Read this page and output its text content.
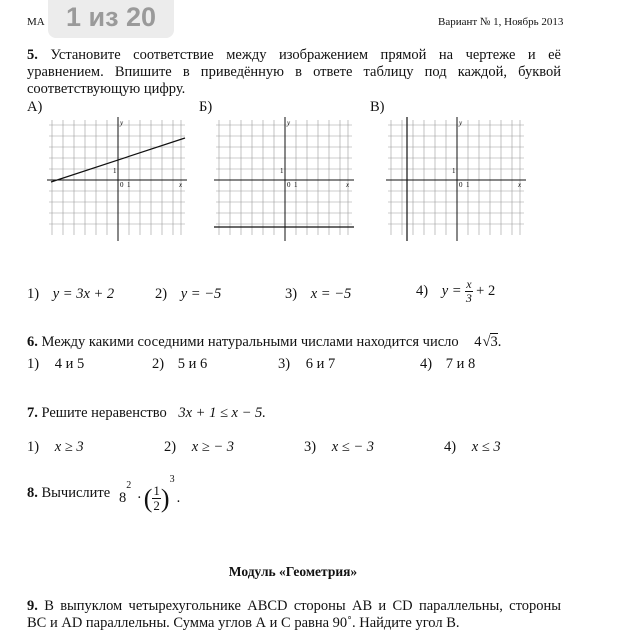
МА 1 из 20	Вариант № 1, Ноябрь 2013
5. Установите соответствие между изображением прямой на чертеже и её
уравнением. Впишите в приведённую в ответе таблицу под каждой, буквой
соответствующую цифру.
А)	Б)	В)
y
x
0
1
1
y
x
0
1
1
y
x
0
1
1
1) y = 3x + 2	2) y = −5	3) x = −5	4) $y = \frac{x}{3} + 2$
6. Между какими соседними натуральными числами находится число 4√3.
1) 4 и 5	2) 5 и 6	3) 6 и 7	4) 7 и 8
7. Решите неравенство 3x + 1 ≤ x − 5.
1) x ≥ 3	2) x ≥ − 3	3) x ≤ − 3	4) x ≤ 3
8. Вычислите $8^2$ ·( $\frac{1}{2} )^3$.
Модуль «Геометрия»
9. В выпуклом четырехугольнике ABCD стороны AB и CD параллельны, стороны
BC и AD параллельны. Сумма углов А и С равна 90˚. Найдите угол В.
